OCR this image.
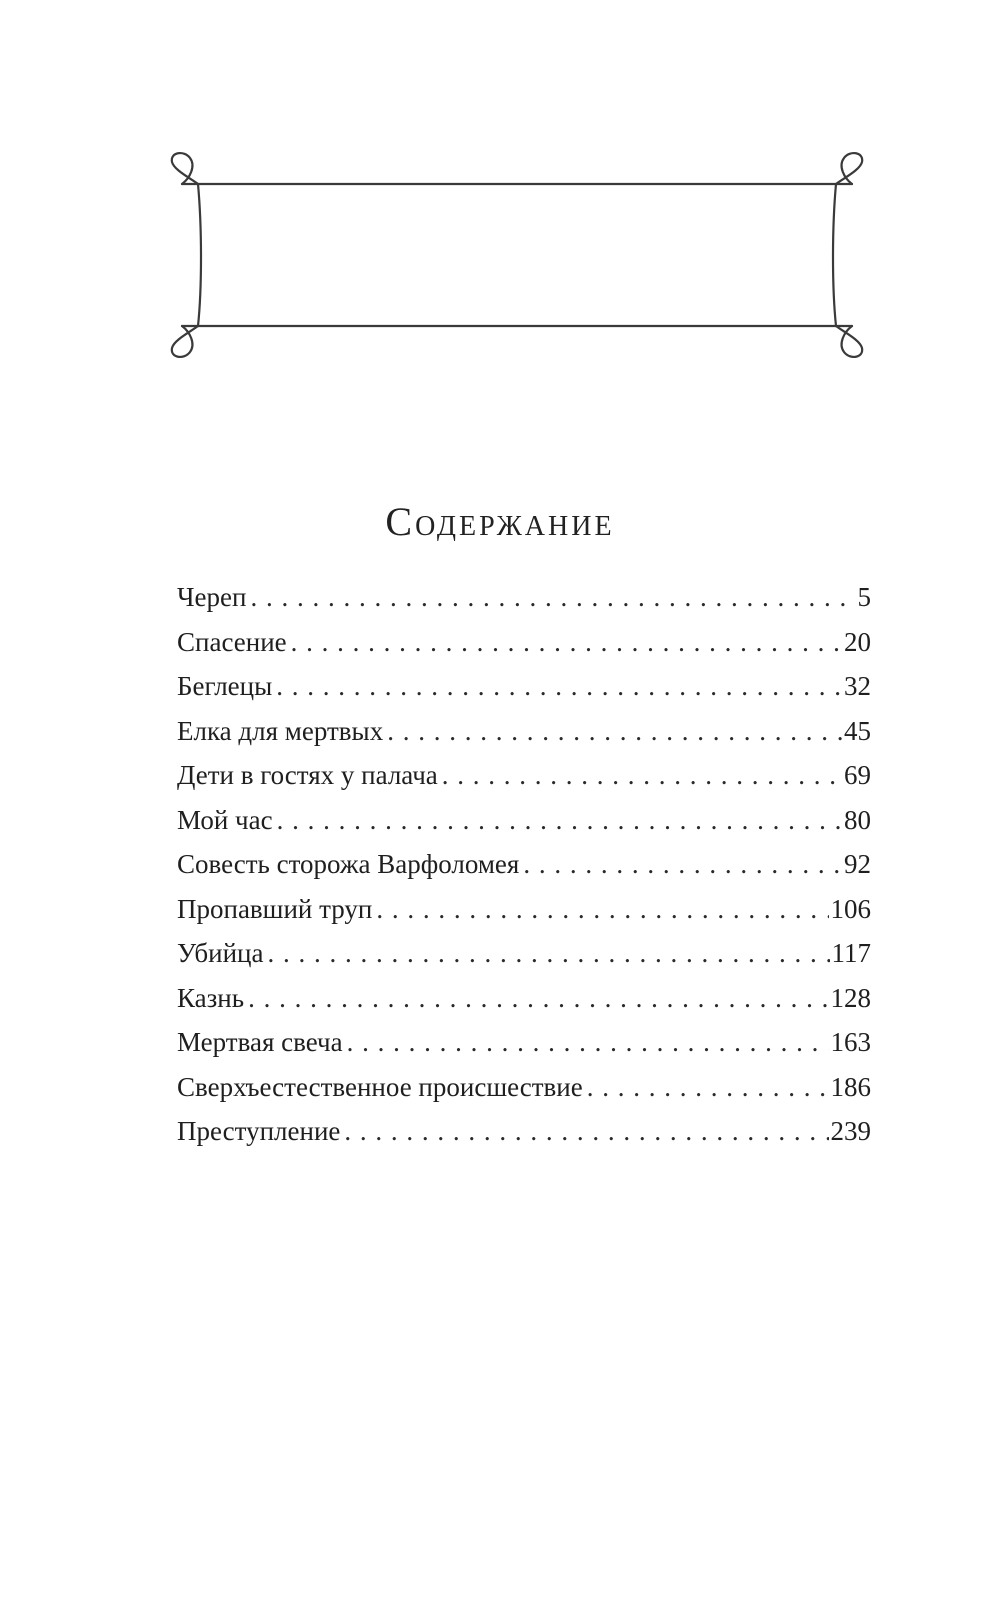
Содержание
Череп . . .	5
Спасение . . .	20
Беглецы . . .	32
Елка для мертвых . . .	45
Дети в гостях у палача . . .	69
Мой час . . .	80
Совесть сторожа Варфоломея . . .	92
Пропавший труп . . .	106
Убийца . . .	117
Казнь . . .	128
Мертвая свеча . . .	163
Сверхъестественное происшествие . . .	186
Преступление . . .	239
